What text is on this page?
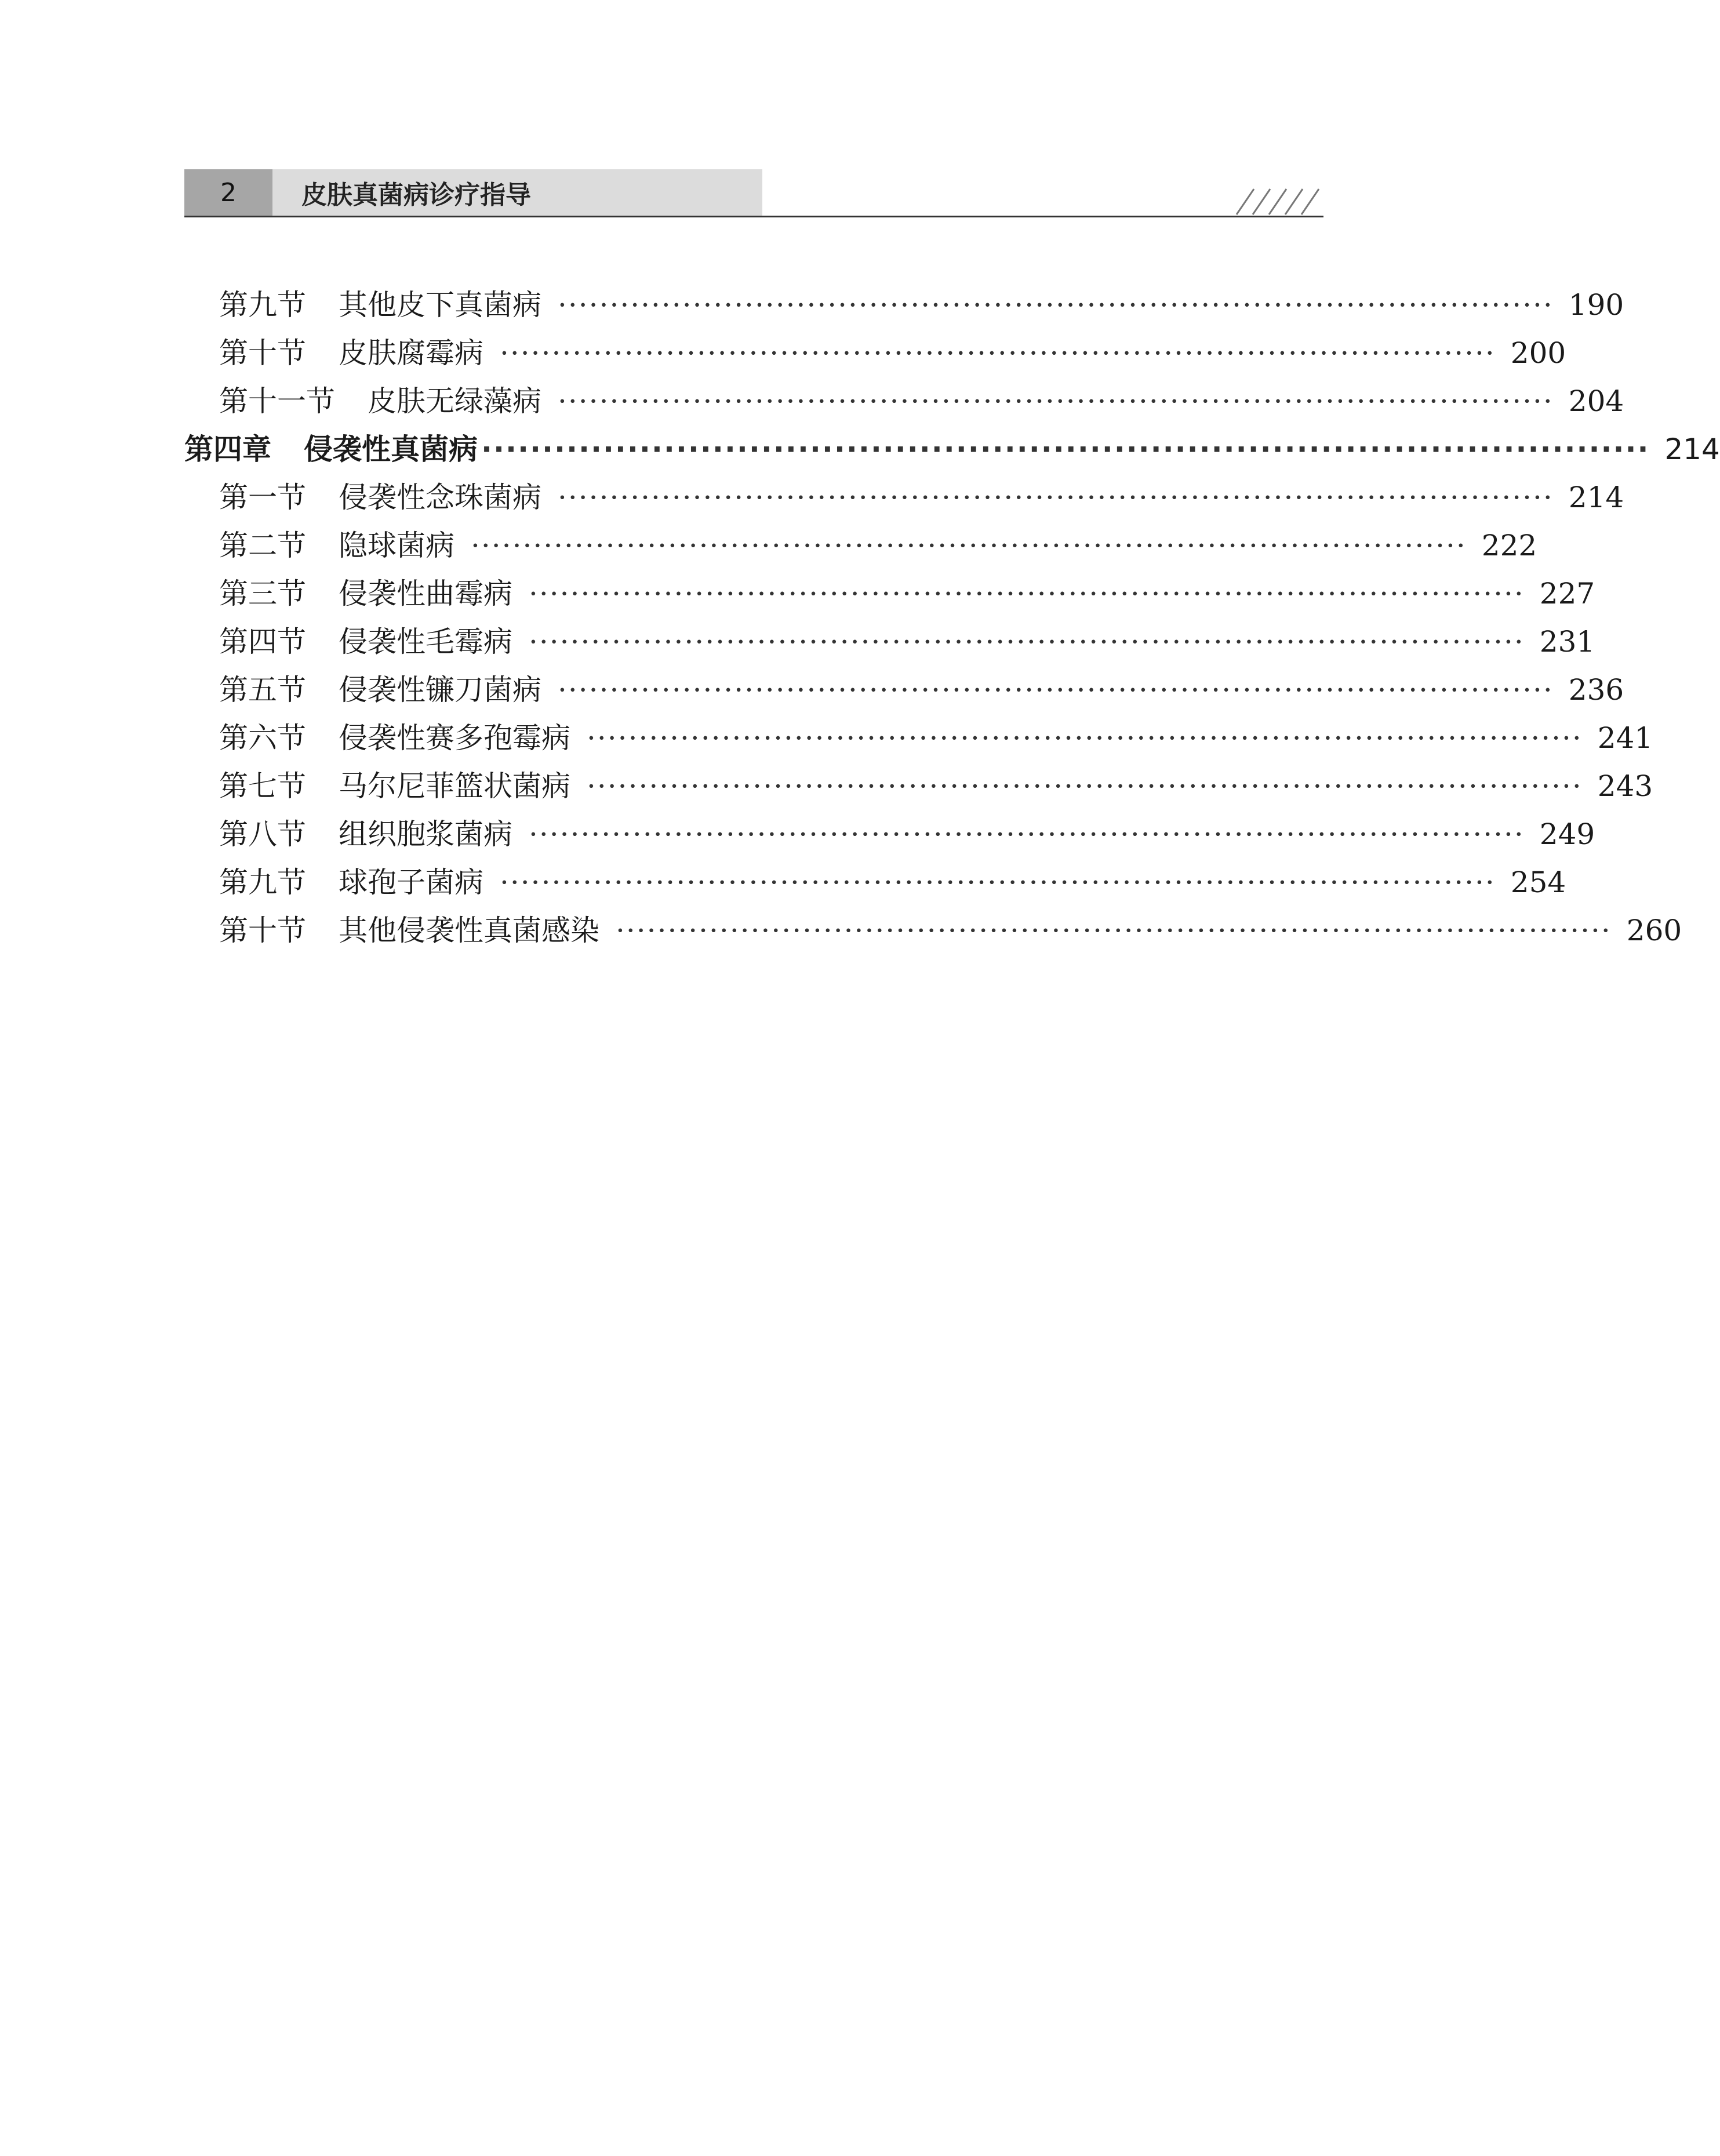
2	皮肤真菌病诊疗指导
第九节 其他皮下真菌病 ································································································ 190
第十节 皮肤腐霉病 ································································································ 200
第十一节 皮肤无绿藻病 ································································································ 204
第四章 侵袭性真菌病 ································································································ 214
第一节 侵袭性念珠菌病 ································································································ 214
第二节 隐球菌病 ································································································ 222
第三节 侵袭性曲霉病 ································································································ 227
第四节 侵袭性毛霉病 ································································································ 231
第五节 侵袭性镰刀菌病 ································································································ 236
第六节 侵袭性赛多孢霉病 ································································································ 241
第七节 马尔尼菲篮状菌病 ································································································ 243
第八节 组织胞浆菌病 ································································································ 249
第九节 球孢子菌病 ································································································ 254
第十节 其他侵袭性真菌感染 ································································································ 260
